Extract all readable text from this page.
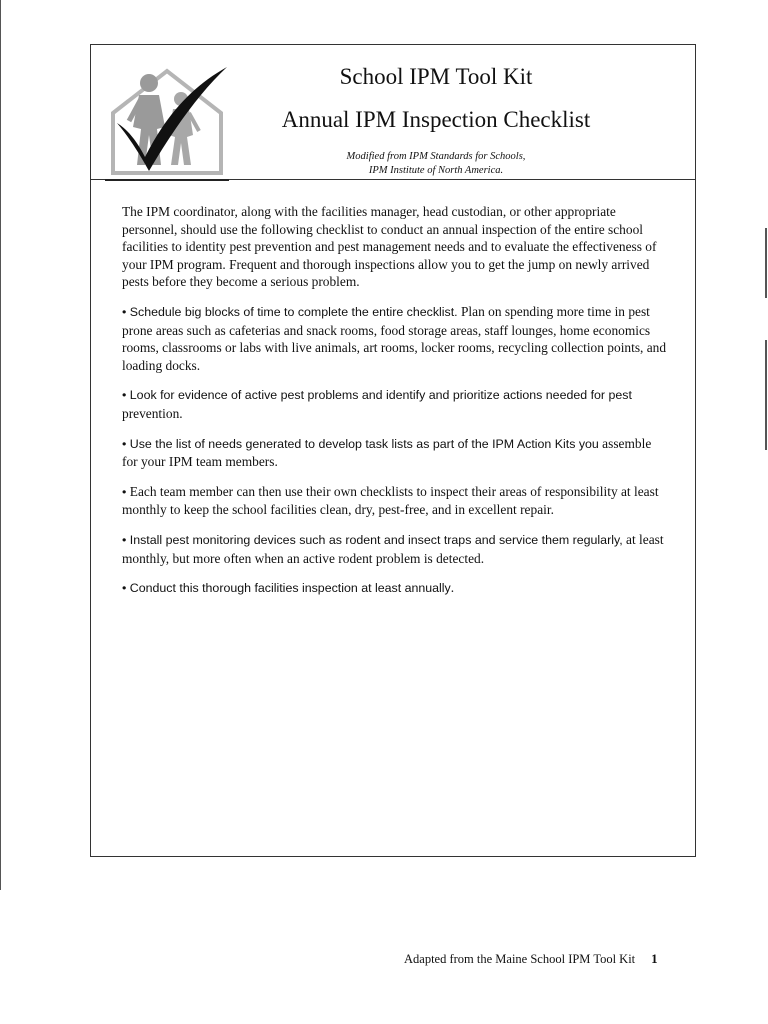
School IPM Tool Kit
Annual IPM Inspection Checklist
Modified from IPM Standards for Schools,
IPM Institute of North America.

The IPM coordinator, along with the facilities manager, head custodian, or other appropriate personnel, should use the following checklist to conduct an annual inspection of the entire school facilities to identity pest prevention and pest management needs and to evaluate the effectiveness of your IPM program. Frequent and thorough inspections allow you to get the jump on newly arrived pests before they become a serious problem.

• Schedule big blocks of time to complete the entire checklist. Plan on spending more time in pest prone areas such as cafeterias and snack rooms, food storage areas, staff lounges, home economics rooms, classrooms or labs with live animals, art rooms, locker rooms, recycling collection points, and loading docks.

• Look for evidence of active pest problems and identify and prioritize actions needed for pest prevention.

• Use the list of needs generated to develop task lists as part of the IPM Action Kits you assemble for your IPM team members.

• Each team member can then use their own checklists to inspect their areas of responsibility at least monthly to keep the school facilities clean, dry, pest-free, and in excellent repair.

• Install pest monitoring devices such as rodent and insect traps and service them regularly, at least monthly, but more often when an active rodent problem is detected.

• Conduct this thorough facilities inspection at least annually.

Adapted from the Maine School IPM Tool Kit 1
